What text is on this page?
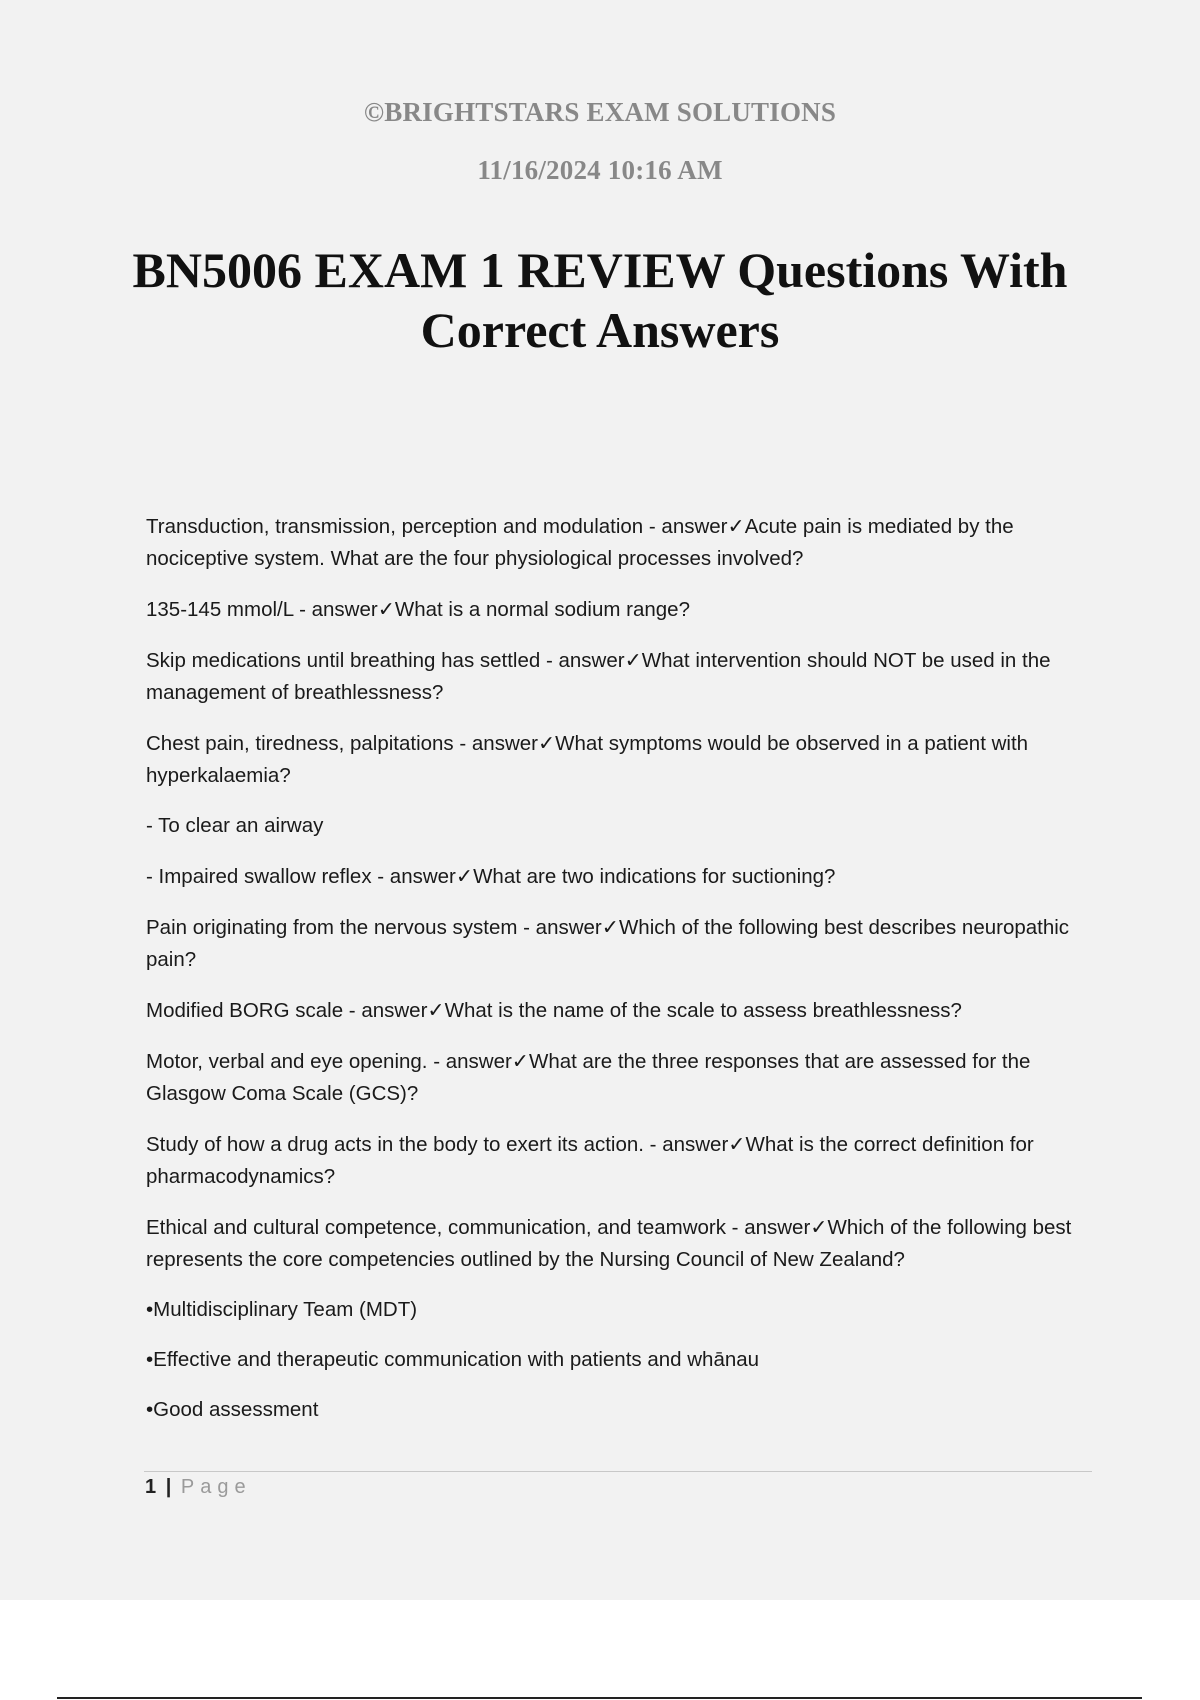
©BRIGHTSTARS EXAM SOLUTIONS
11/16/2024 10:16 AM
BN5006 EXAM 1 REVIEW Questions With Correct Answers

Transduction, transmission, perception and modulation - answer✓Acute pain is mediated by the nociceptive system. What are the four physiological processes involved?

135-145 mmol/L - answer✓What is a normal sodium range?

Skip medications until breathing has settled - answer✓What intervention should NOT be used in the management of breathlessness?

Chest pain, tiredness, palpitations - answer✓What symptoms would be observed in a patient with hyperkalaemia?

- To clear an airway

- Impaired swallow reflex - answer✓What are two indications for suctioning?

Pain originating from the nervous system - answer✓Which of the following best describes neuropathic pain?

Modified BORG scale - answer✓What is the name of the scale to assess breathlessness?

Motor, verbal and eye opening. - answer✓What are the three responses that are assessed for the Glasgow Coma Scale (GCS)?

Study of how a drug acts in the body to exert its action. - answer✓What is the correct definition for pharmacodynamics?

Ethical and cultural competence, communication, and teamwork - answer✓Which of the following best represents the core competencies outlined by the Nursing Council of New Zealand?

•Multidisciplinary Team (MDT)

•Effective and therapeutic communication with patients and whānau

•Good assessment

1 | Page
